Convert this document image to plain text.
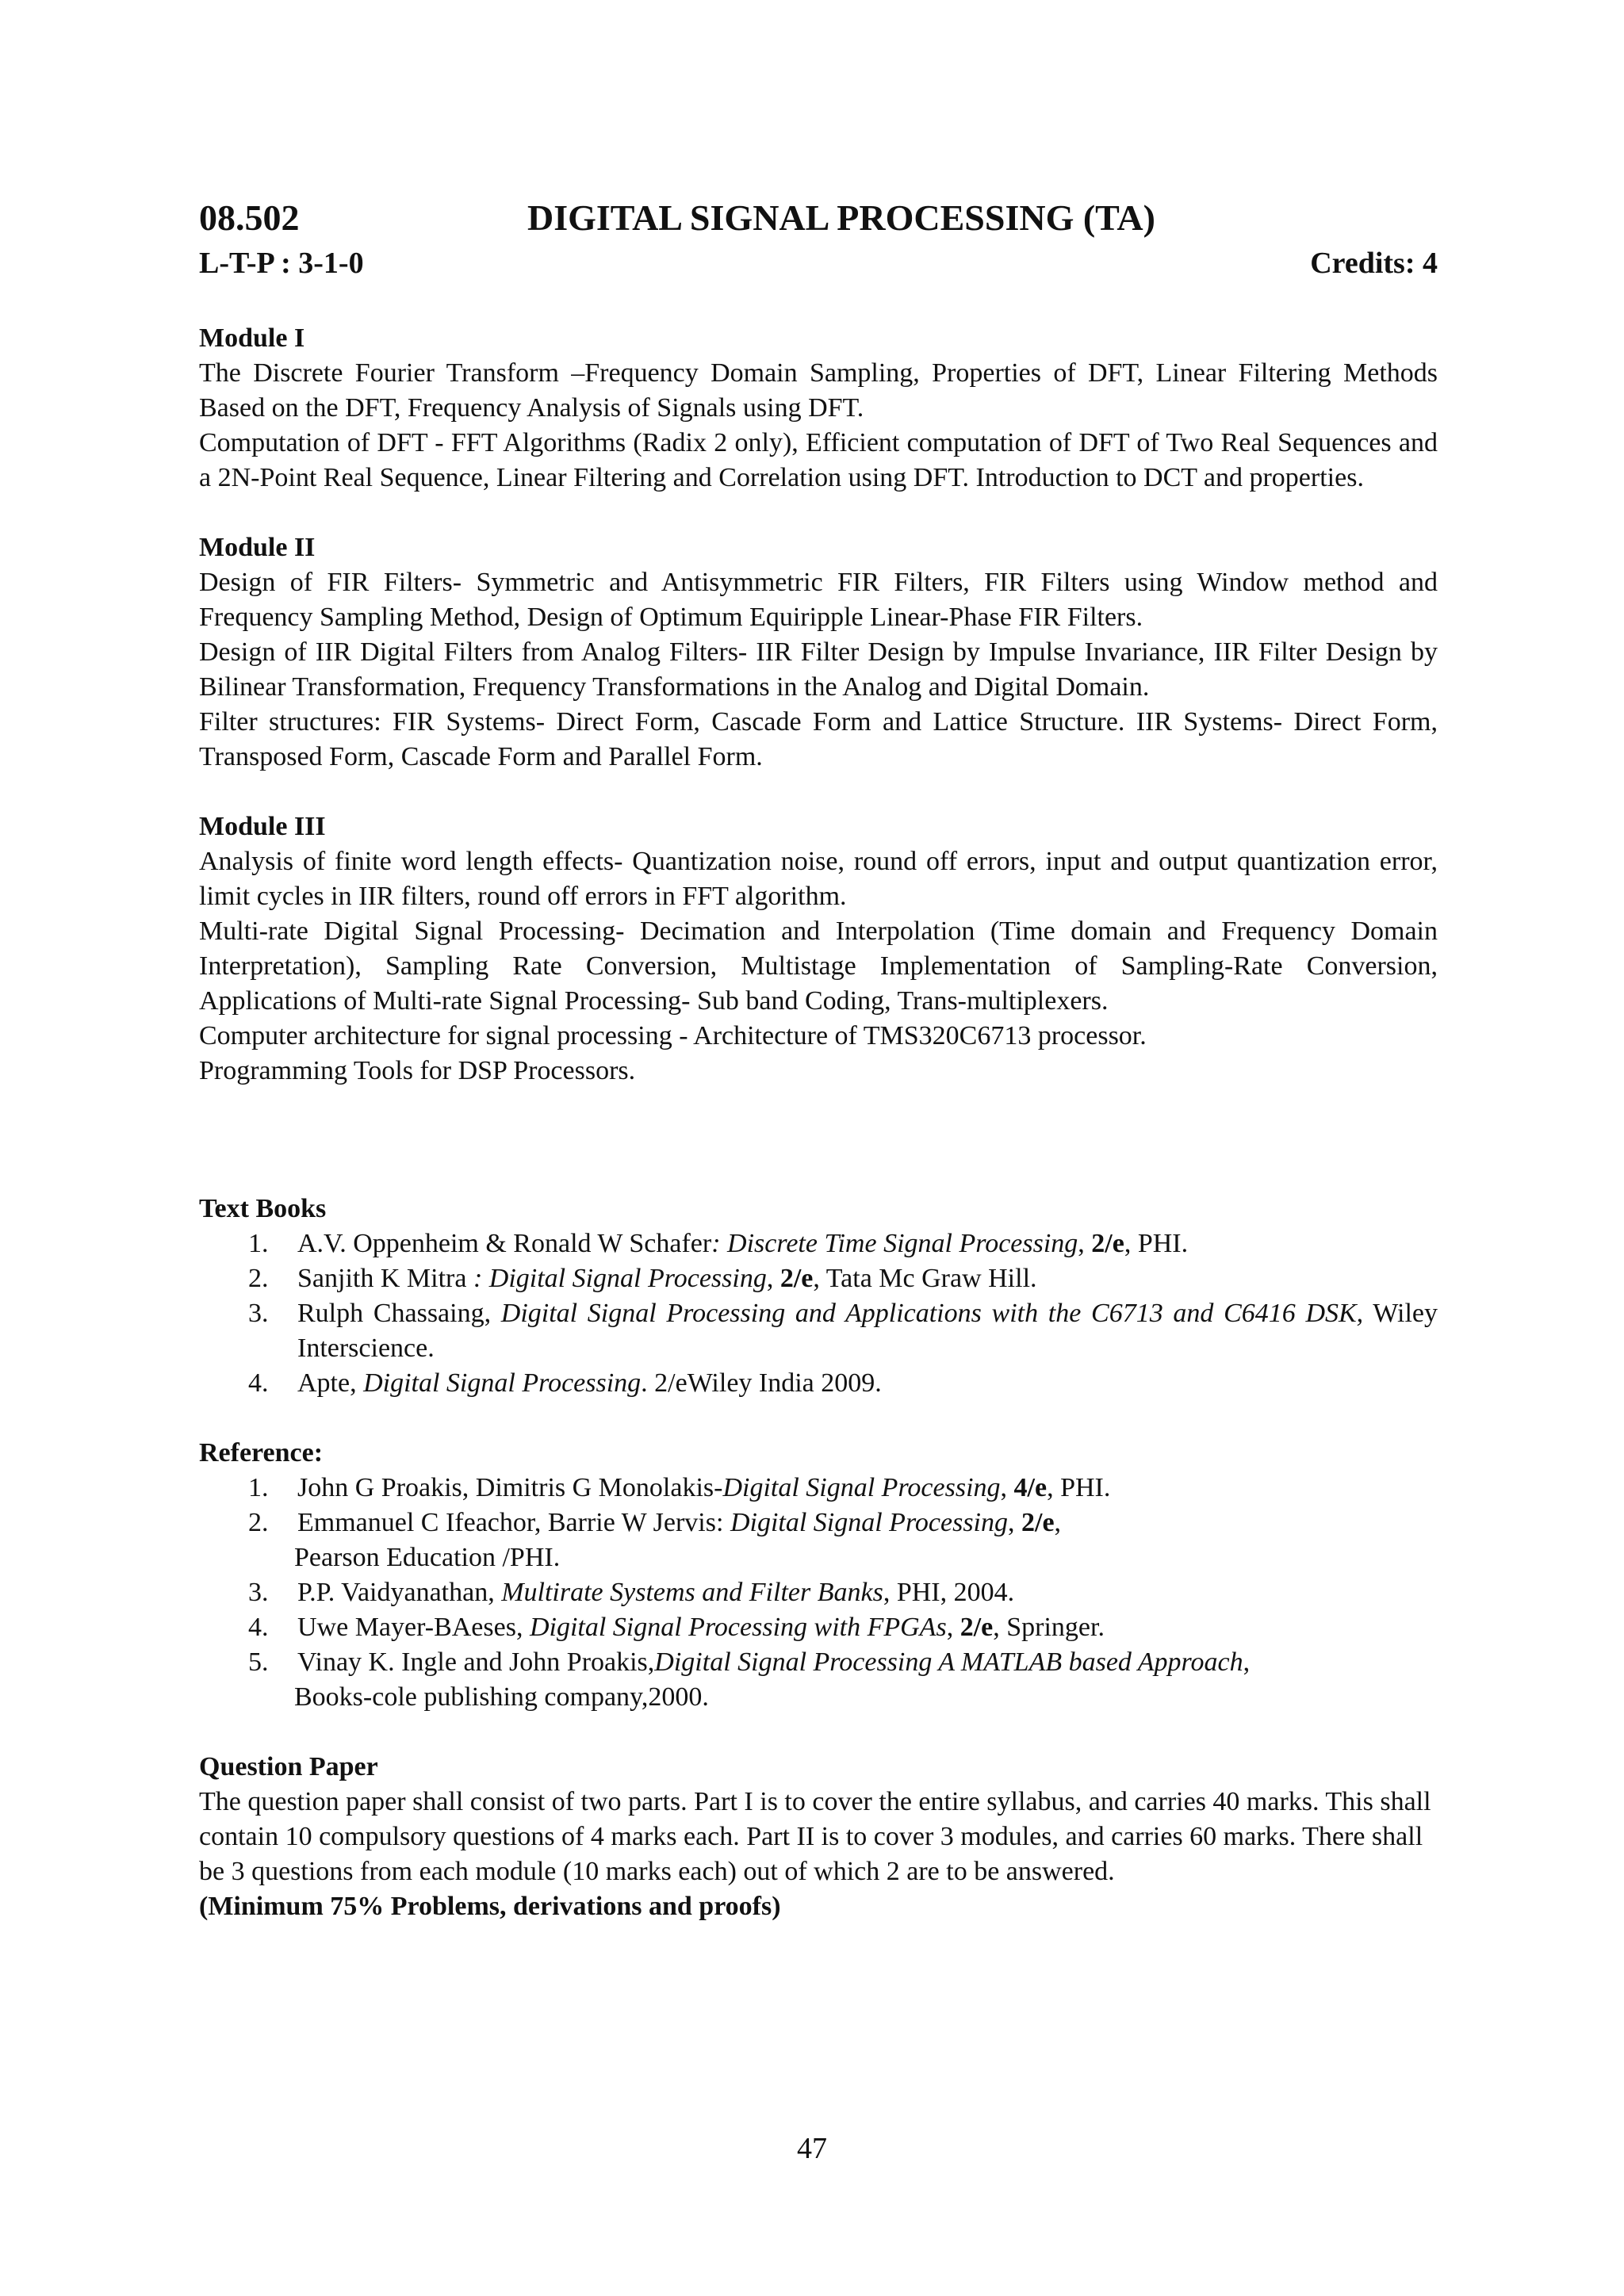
08.502	DIGITAL SIGNAL PROCESSING (TA)
L-T-P : 3-1-0	Credits: 4
Module I

The Discrete Fourier Transform –Frequency Domain Sampling, Properties of DFT, Linear Filtering Methods Based on the DFT, Frequency Analysis of Signals using DFT.

Computation of DFT - FFT Algorithms (Radix 2 only), Efficient computation of DFT of Two Real Sequences and a 2N-Point Real Sequence, Linear Filtering and Correlation using DFT. Introduction to DCT and properties.

Module II

Design of FIR Filters- Symmetric and Antisymmetric FIR Filters, FIR Filters using Window method and Frequency Sampling Method, Design of Optimum Equiripple Linear-Phase FIR Filters.

Design of IIR Digital Filters from Analog Filters- IIR Filter Design by Impulse Invariance, IIR Filter Design by Bilinear Transformation, Frequency Transformations in the Analog and Digital Domain.

Filter structures: FIR Systems- Direct Form, Cascade Form and Lattice Structure. IIR Systems- Direct Form, Transposed Form, Cascade Form and Parallel Form.

Module III

Analysis of finite word length effects- Quantization noise, round off errors, input and output quantization error, limit cycles in IIR filters, round off errors in FFT algorithm.

Multi-rate Digital Signal Processing- Decimation and Interpolation (Time domain and Frequency Domain Interpretation), Sampling Rate Conversion, Multistage Implementation of Sampling-Rate Conversion, Applications of Multi-rate Signal Processing- Sub band Coding, Trans-multiplexers.

Computer architecture for signal processing - Architecture of TMS320C6713 processor.

Programming Tools for DSP Processors.

Text Books
1. A.V. Oppenheim & Ronald W Schafer: Discrete Time Signal Processing, 2/e, PHI.
2. Sanjith K Mitra : Digital Signal Processing, 2/e, Tata Mc Graw Hill.
3. Rulph Chassaing, Digital Signal Processing and Applications with the C6713 and C6416 DSK, Wiley Interscience.
4. Apte, Digital Signal Processing. 2/eWiley India 2009.
Reference:
1. John G Proakis, Dimitris G Monolakis-Digital Signal Processing, 4/e, PHI.
2. Emmanuel C Ifeachor, Barrie W Jervis: Digital Signal Processing, 2/e,
Pearson Education /PHI.
3. P.P. Vaidyanathan, Multirate Systems and Filter Banks, PHI, 2004.
4. Uwe Mayer-BAeses, Digital Signal Processing with FPGAs, 2/e, Springer.
5. Vinay K. Ingle and John Proakis,Digital Signal Processing A MATLAB based Approach,
Books-cole publishing company,2000.
Question Paper

The question paper shall consist of two parts. Part I is to cover the entire syllabus, and carries 40 marks. This shall contain 10 compulsory questions of 4 marks each. Part II is to cover 3 modules, and carries 60 marks. There shall be 3 questions from each module (10 marks each) out of which 2 are to be answered.

(Minimum 75% Problems, derivations and proofs)
47
